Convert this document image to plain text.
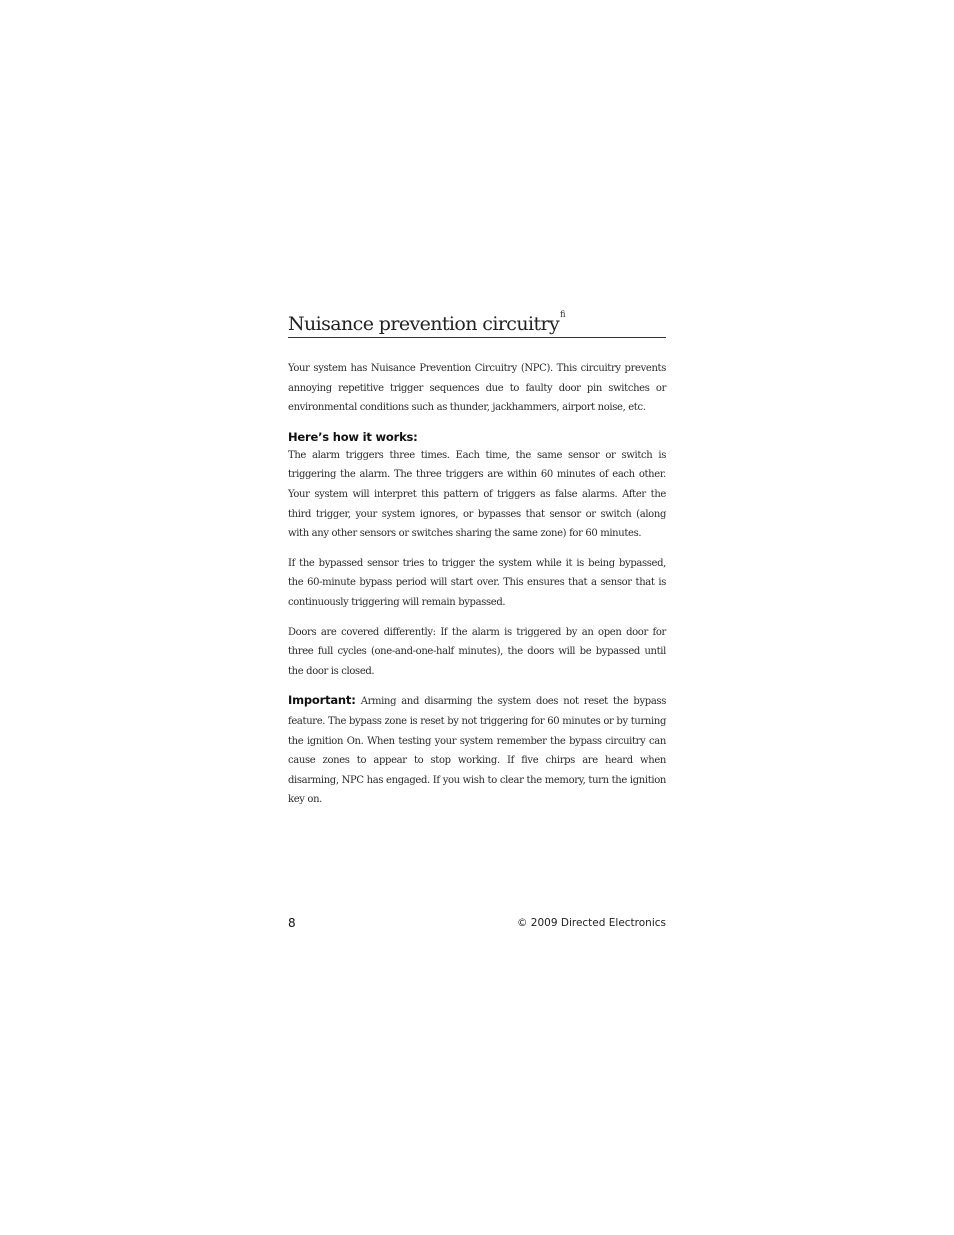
Nuisance prevention circuitry$^{fi}$

Your system has Nuisance Prevention Circuitry (NPC). This circuitry prevents annoying repetitive trigger sequences due to faulty door pin switches or environmental conditions such as thunder, jackhammers, airport noise, etc.

Here’s how it works:

The alarm triggers three times. Each time, the same sensor or switch is triggering the alarm. The three triggers are within 60 minutes of each other. Your system will interpret this pattern of triggers as false alarms. After the third trigger, your system ignores, or bypasses that sensor or switch (along with any other sensors or switches sharing the same zone) for 60 minutes.

If the bypassed sensor tries to trigger the system while it is being bypassed, the 60-minute bypass period will start over. This ensures that a sensor that is continuously triggering will remain bypassed.

Doors are covered differently: If the alarm is triggered by an open door for three full cycles (one-and-one-half minutes), the doors will be bypassed until the door is closed.

Important: Arming and disarming the system does not reset the bypass feature. The bypass zone is reset by not triggering for 60 minutes or by turning the ignition On. When testing your system remember the bypass circuitry can cause zones to appear to stop working. If five chirps are heard when disarming, NPC has engaged. If you wish to clear the memory, turn the ignition key on.

8	© 2009 Directed Electronics
